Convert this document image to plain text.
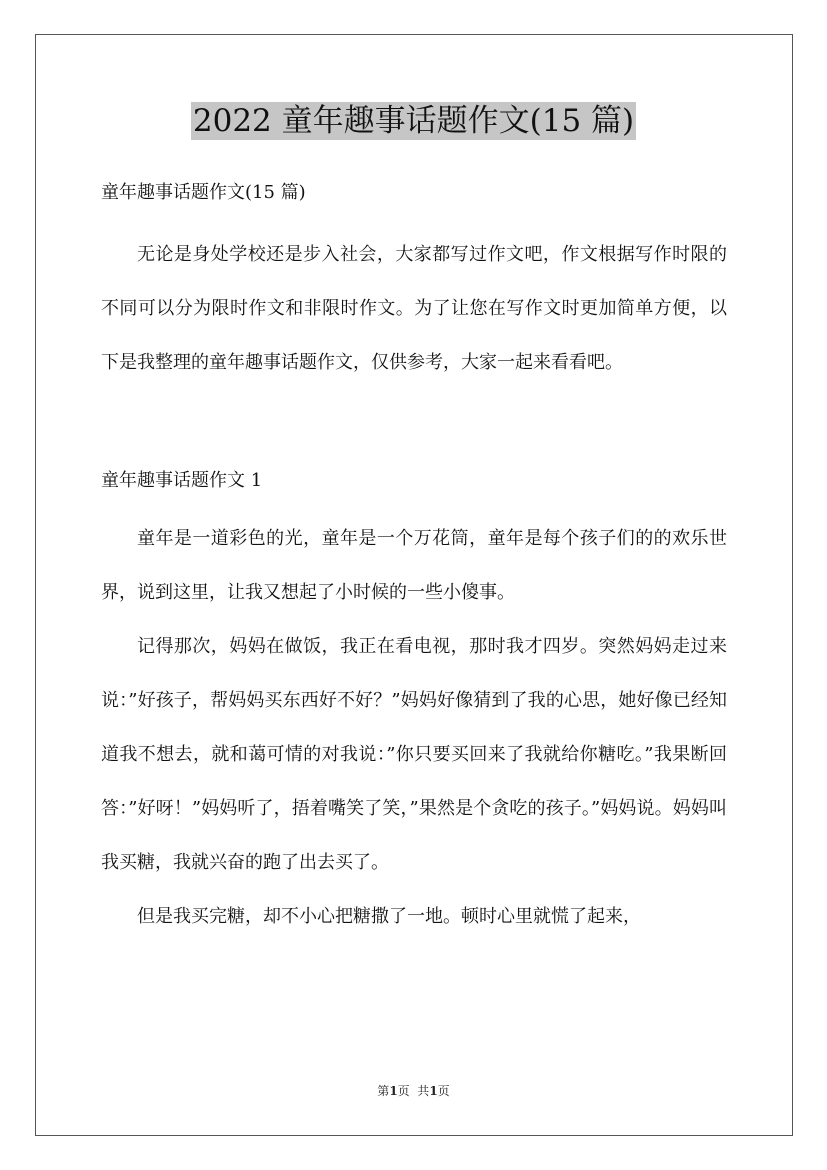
2022 童年趣事话题作文(15 篇)

童年趣事话题作文(15 篇)

无论是身处学校还是步入社会，大家都写过作文吧，作文根据写作时限的不同可以分为限时作文和非限时作文。为了让您在写作文时更加简单方便，以下是我整理的童年趣事话题作文，仅供参考，大家一起来看看吧。

童年趣事话题作文 1

童年是一道彩色的光，童年是一个万花筒，童年是每个孩子们的的欢乐世界，说到这里，让我又想起了小时候的一些小傻事。

记得那次，妈妈在做饭，我正在看电视，那时我才四岁。突然妈妈走过来说：”好孩子，帮妈妈买东西好不好？”妈妈好像猜到了我的心思，她好像已经知道我不想去，就和蔼可情的对我说：”你只要买回来了我就给你糖吃。”我果断回答：”好呀！”妈妈听了，捂着嘴笑了笑，”果然是个贪吃的孩子。”妈妈说。妈妈叫我买糖，我就兴奋的跑了出去买了。

但是我买完糖，却不小心把糖撒了一地。顿时心里就慌了起来，

第1页  共1页
